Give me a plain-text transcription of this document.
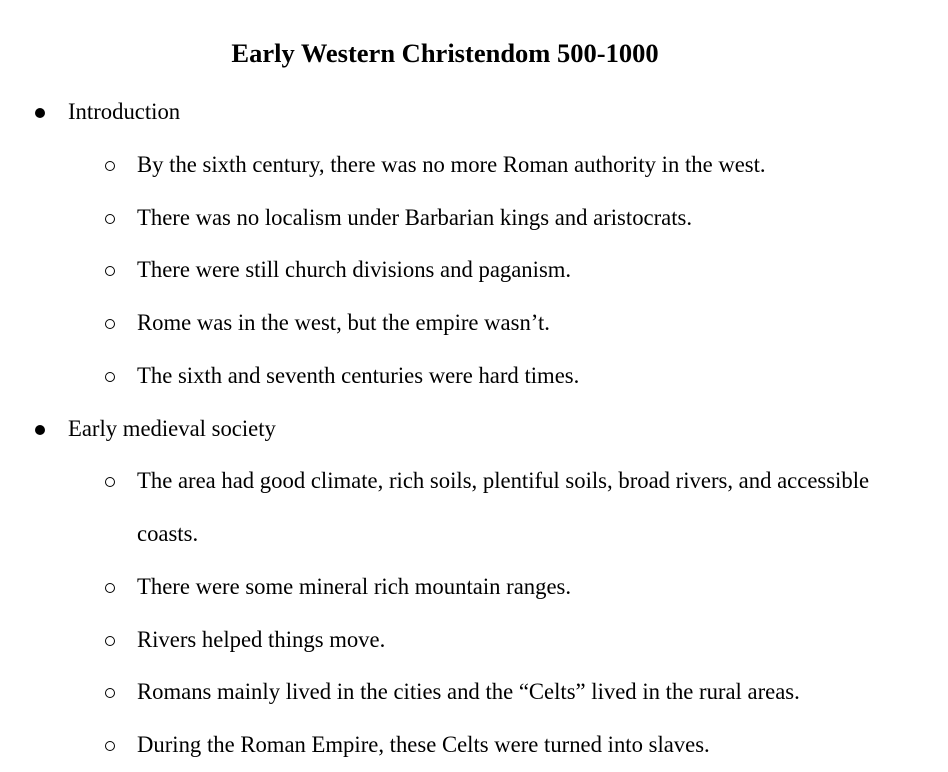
Early Western Christendom 500-1000
Introduction
By the sixth century, there was no more Roman authority in the west.
There was no localism under Barbarian kings and aristocrats.
There were still church divisions and paganism.
Rome was in the west, but the empire wasn’t.
The sixth and seventh centuries were hard times.
Early medieval society
The area had good climate, rich soils, plentiful soils, broad rivers, and accessible coasts.
There were some mineral rich mountain ranges.
Rivers helped things move.
Romans mainly lived in the cities and the “Celts” lived in the rural areas.
During the Roman Empire, these Celts were turned into slaves.
